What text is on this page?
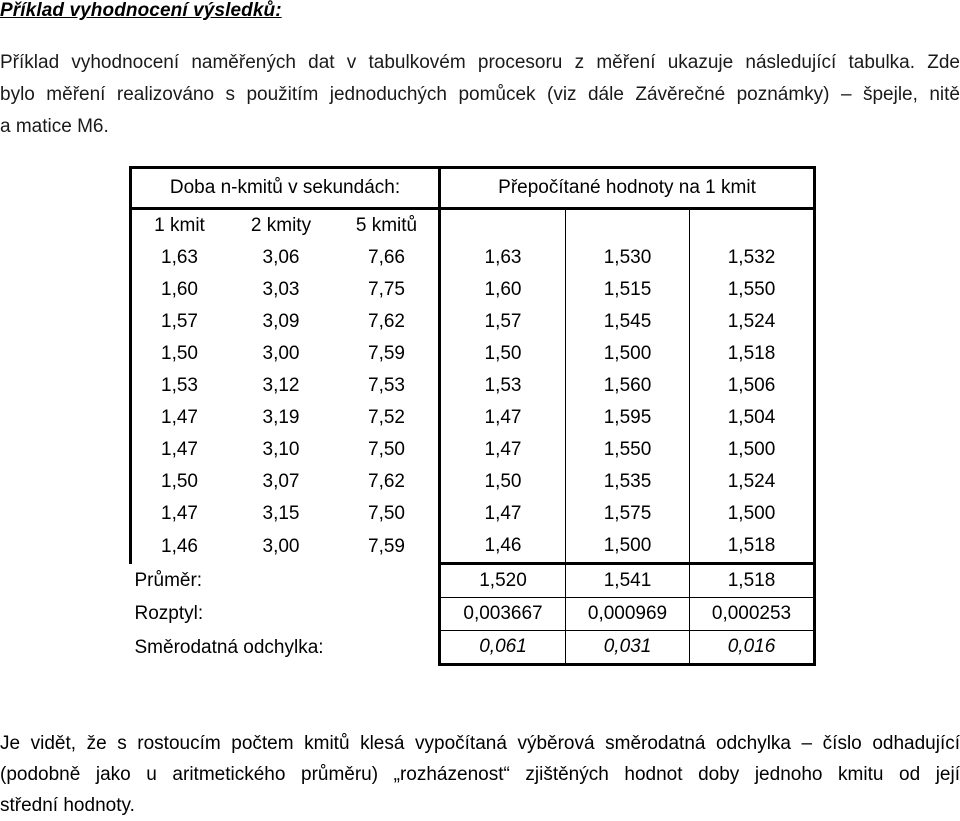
Příklad vyhodnocení výsledků:
Příklad vyhodnocení naměřených dat v tabulkovém procesoru z měření ukazuje následující tabulka. Zde
bylo měření realizováno s použitím jednoduchých pomůcek (viz dále Závěrečné poznámky) – špejle, nitě
a matice M6.
Doba n-kmitů v sekundách:			Přepočítané hodnoty na 1 kmit		
1 kmit	2 kmity	5 kmitů			
1,63	3,06	7,66	1,63	1,530	1,532
1,60	3,03	7,75	1,60	1,515	1,550
1,57	3,09	7,62	1,57	1,545	1,524
1,50	3,00	7,59	1,50	1,500	1,518
1,53	3,12	7,53	1,53	1,560	1,506
1,47	3,19	7,52	1,47	1,595	1,504
1,47	3,10	7,50	1,47	1,550	1,500
1,50	3,07	7,62	1,50	1,535	1,524
1,47	3,15	7,50	1,47	1,575	1,500
1,46	3,00	7,59	1,46	1,500	1,518
Průměr:			1,520	1,541	1,518
Rozptyl:			0,003667	0,000969	0,000253
Směrodatná odchylka:			0,061	0,031	0,016
Je vidět, že s rostoucím počtem kmitů klesá vypočítaná výběrová směrodatná odchylka – číslo odhadující
(podobně jako u aritmetického průměru) „rozházenost“ zjištěných hodnot doby jednoho kmitu od její
střední hodnoty.
